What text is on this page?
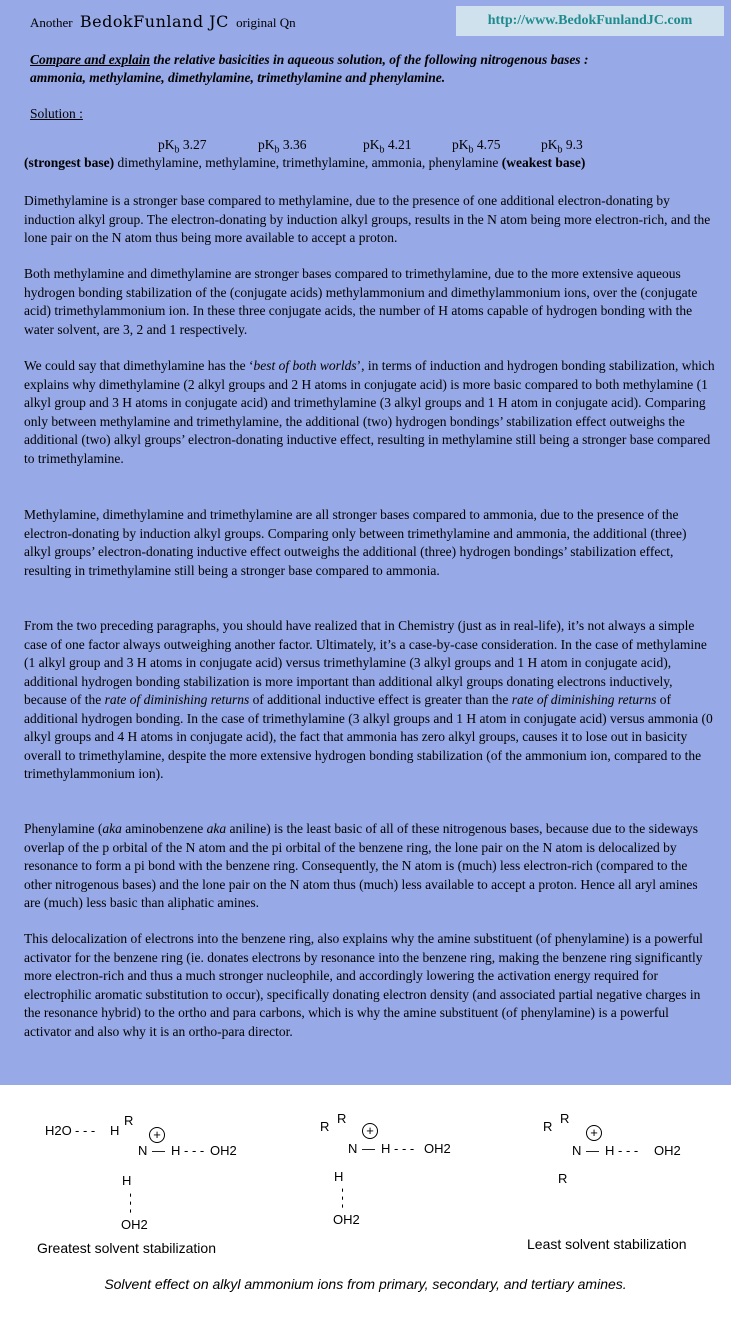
Another BedokFunland JC original Qn	http://www.BedokFunlandJC.com
Compare and explain the relative basicities in aqueous solution, of the following nitrogenous bases :
ammonia, methylamine, dimethylamine, trimethylamine and phenylamine.
Solution :
$pK_b$ 3.27	$pK_b$ 3.36	$pK_b$ 4.21	$pK_b$ 4.75	$pK_b$ 9.3
(strongest base) dimethylamine, methylamine, trimethylamine, ammonia, phenylamine (weakest base)

Dimethylamine is a stronger base compared to methylamine, due to the presence of one additional electron-donating by induction alkyl group. The electron-donating by induction alkyl groups, results in the N atom being more electron-rich, and the lone pair on the N atom thus being more available to accept a proton.

Both methylamine and dimethylamine are stronger bases compared to trimethylamine, due to the more extensive aqueous hydrogen bonding stabilization of the (conjugate acids) methylammonium and dimethylammonium ions, over the (conjugate acid) trimethylammonium ion. In these three conjugate acids, the number of H atoms capable of hydrogen bonding with the water solvent, are 3, 2 and 1 respectively.

We could say that dimethylamine has the ‘best of both worlds’, in terms of induction and hydrogen bonding stabilization, which explains why dimethylamine (2 alkyl groups and 2 H atoms in conjugate acid) is more basic compared to both methylamine (1 alkyl group and 3 H atoms in conjugate acid) and trimethylamine (3 alkyl groups and 1 H atom in conjugate acid). Comparing only between methylamine and trimethylamine, the additional (two) hydrogen bondings’ stabilization effect outweighs the additional (two) alkyl groups’ electron-donating inductive effect, resulting in methylamine still being a stronger base compared to trimethylamine.

Methylamine, dimethylamine and trimethylamine are all stronger bases compared to ammonia, due to the presence of the electron-donating by induction alkyl groups. Comparing only between trimethylamine and ammonia, the additional (three) alkyl groups’ electron-donating inductive effect outweighs the additional (three) hydrogen bondings’ stabilization effect, resulting in trimethylamine still being a stronger base compared to ammonia.

From the two preceding paragraphs, you should have realized that in Chemistry (just as in real-life), it’s not always a simple case of one factor always outweighing another factor. Ultimately, it’s a case-by-case consideration. In the case of methylamine (1 alkyl group and 3 H atoms in conjugate acid) versus trimethylamine (3 alkyl groups and 1 H atom in conjugate acid), additional hydrogen bonding stabilization is more important than additional alkyl groups donating electrons inductively, because of the rate of diminishing returns of additional inductive effect is greater than the rate of diminishing returns of additional hydrogen bonding. In the case of trimethylamine (3 alkyl groups and 1 H atom in conjugate acid) versus ammonia (0 alkyl groups and 4 H atoms in conjugate acid), the fact that ammonia has zero alkyl groups, causes it to lose out in basicity overall to trimethylamine, despite the more extensive hydrogen bonding stabilization (of the ammonium ion, compared to the trimethylammonium ion).

Phenylamine (aka aminobenzene aka aniline) is the least basic of all of these nitrogenous bases, because due to the sideways overlap of the p orbital of the N atom and the pi orbital of the benzene ring, the lone pair on the N atom is delocalized by resonance to form a pi bond with the benzene ring. Consequently, the N atom is (much) less electron-rich (compared to the other nitrogenous bases) and the lone pair on the N atom thus (much) less available to accept a proton. Hence all aryl amines are (much) less basic than aliphatic amines.

This delocalization of electrons into the benzene ring, also explains why the amine substituent (of phenylamine) is a powerful activator for the benzene ring (ie. donates electrons by resonance into the benzene ring, making the benzene ring significantly more electron-rich and thus a much stronger nucleophile, and accordingly lowering the activation energy required for electrophilic aromatic substitution to occur), specifically donating electron density (and associated partial negative charges in the resonance hybrid) to the ortho and para carbons, which is why the amine substituent (of phenylamine) is a powerful activator and also why it is an ortho-para director.

H2O - - - H
R
+
N — H - - - OH2
H
- - -
OH2
R
R
+
N — H - - - OH2
H
- - -
OH2
R
R
+
N — H - - - OH2
R
Greatest solvent stabilization	Least solvent stabilization
Solvent effect on alkyl ammonium ions from primary, secondary, and tertiary amines.
